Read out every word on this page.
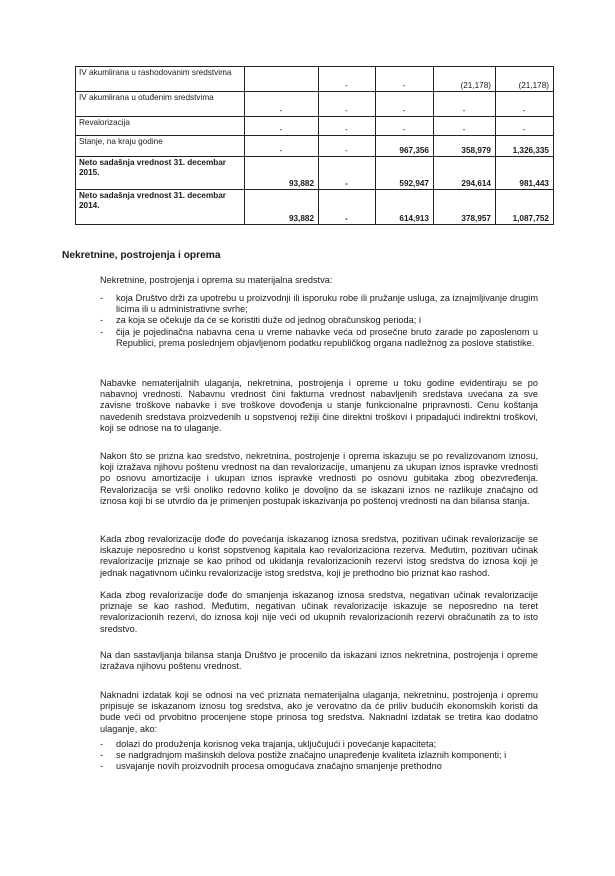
IV akumlirana u rashodovanim sredstvima		-	-	(21,178)	(21,178)
IV akumlirana u otuđenim sredstvima	-	-	-	-	-
Revalorizacija	-	-	-	-	-
Stanje, na kraju godine	-	-	967,356	358,979	1,326,335
Neto sadašnja vrednost 31. decembar 2015.	93,882	-	592,947	294,614	981,443
Neto sadašnja vrednost 31. decembar 2014.	93,882	-	614,913	378,957	1,087,752
Nekretnine, postrojenja i oprema

Nekretnine, postrojenja i oprema su materijalna sredstva:

- koja Društvo drži za upotrebu u proizvodnji ili isporuku robe ili pružanje usluga, za iznajmljivanje drugim licima ili u administrativne svrhe;
- za koja se očekuje da će se koristiti duže od jednog obračunskog perioda; i
- čija je pojedinačna nabavna cena u vreme nabavke veća od prosečne bruto zarade po zaposlenom u Republici, prema poslednjem objavljenom podatku republičkog organa nadležnog za poslove statistike.

Nabavke nematerijalnih ulaganja, nekretnina, postrojenja i opreme u toku godine evidentiraju se po nabavnoj vrednosti. Nabavnu vrednost čini fakturna vrednost nabavljenih sredstava uvećana za sve zavisne troškove nabavke i sve troškove dovođenja u stanje funkcionalne pripravnosti. Cenu koštanja navedenih sredstava proizvedenih u sopstvenoj režiji čine direktni troškovi i pripadajući indirektni troškovi, koji se odnose na to ulaganje.

Nakon što se prizna kao sredstvo, nekretnina, postrojenje i oprema iskazuju se po revalizovanom iznosu, koji izražava njihovu poštenu vrednost na dan revalorizacije, umanjenu za ukupan iznos ispravke vrednosti po osnovu amortizacije i ukupan iznos ispravke vrednosti po osnovu gubitaka zbog obezvređenja. Revalorizacija se vrši onoliko redovno koliko je dovoljno da se iskazani iznos ne razlikuje značajno od iznosa koji bi se utvrdio da je primenjen postupak iskazivanja po poštenoj vrednosti na dan bilansa stanja.

Kada zbog revalorizacije dođe do povećanja iskazanog iznosa sredstva, pozitivan učinak revalorizacije se iskazuje neposredno u korist sopstvenog kapitala kao revalorizaciona rezerva. Međutim, pozitivan učinak revalorizacije priznaje se kao prihod od ukidanja revalorizacionih rezervi istog sredstva do iznosa koji je jednak nagativnom učinku revalorizacije istog sredstva, koji je prethodno bio priznat kao rashod.

Kada zbog revalorizacije dođe do smanjenja iskazanog iznosa sredstva, negativan učinak revalorizacije priznaje se kao rashod. Međutim, negativan učinak revalorizacije iskazuje se neposredno na teret revalorizacionih rezervi, do iznosa koji nije veći od ukupnih revalorizacionih rezervi obračunatih za to isto sredstvo.

Na dan sastavljanja bilansa stanja Društvo je procenilo da iskazani iznos nekretnina, postrojenja i opreme izražava njihovu poštenu vrednost.

Naknadni izdatak koji se odnosi na već priznata nematerijalna ulaganja, nekretninu, postrojenja i opremu pripisuje se iskazanom iznosu tog sredstva, ako je verovatno da će priliv budućih ekonomskih koristi da bude veći od prvobitno procenjene stope prinosa tog sredstva. Naknadni izdatak se tretira kao dodatno ulaganje, ako:

- dolazi do produženja korisnog veka trajanja, uključujući i povećanje kapaciteta;
- se nadgradnjom mašinskih delova postiže značajno unapređenje kvaliteta izlaznih komponenti; i
- usvajanje novih proizvodnih procesa omogućava značajno smanjenje prethodno
